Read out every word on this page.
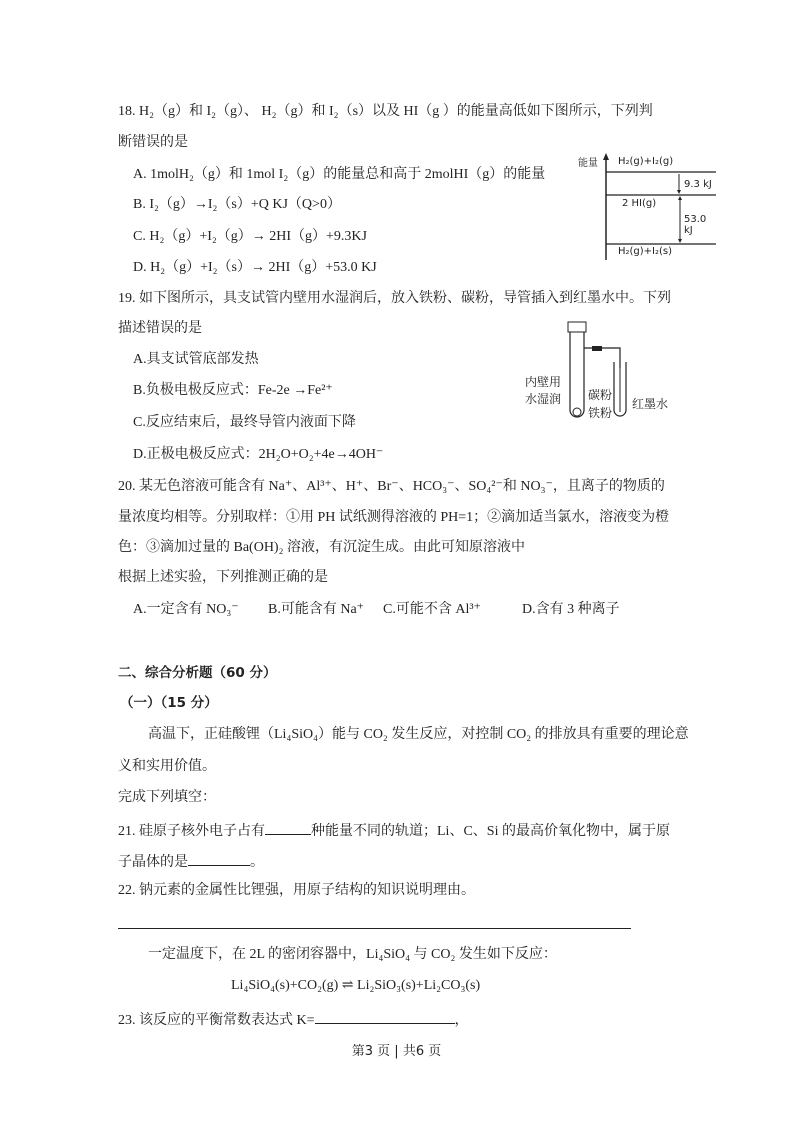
18. H₂（g）和 I₂（g）、 H₂（g）和 I₂（s）以及 HI（g ）的能量高低如下图所示，下列判
断错误的是
A. 1molH₂（g）和 1mol I₂（g）的能量总和高于 2molHI（g）的能量
B. I₂（g）→I₂（s）+Q KJ（Q>0）
C. H₂（g）+I₂（g）→ 2HI（g）+9.3KJ
D. H₂（g）+I₂（s）→ 2HI（g）+53.0 KJ
能量 H₂(g)+I₂(g)
2 HI(g)
H₂(g)+I₂(s)
9.3 kJ
53.0 kJ
19. 如下图所示，具支试管内壁用水湿润后，放入铁粉、碳粉，导管插入到红墨水中。下列
描述错误的是
A.具支试管底部发热
B.负极电极反应式：Fe-2e →Fe²⁺
C.反应结束后，最终导管内液面下降
D.正极电极反应式：2H₂O+O₂+4e→4OH⁻
内壁用
水湿润 碳粉
铁粉
红墨水
20. 某无色溶液可能含有 Na⁺、Al³⁺、H⁺、Br⁻、HCO₃⁻、SO₄²⁻和 NO₃⁻，且离子的物质的
量浓度均相等。分别取样：①用 PH 试纸测得溶液的 PH=1；②滴加适当氯水，溶液变为橙
色：③滴加过量的 Ba(OH)₂ 溶液，有沉淀生成。由此可知原溶液中
根据上述实验，下列推测正确的是
A.一定含有 NO₃⁻ B.可能含有 Na⁺ C.可能不含 Al³⁺	D.含有 3 种离子
二、综合分析题（60 分）
（一）（15 分）
高温下，正硅酸锂（Li₄SiO₄）能与 CO₂ 发生反应，对控制 CO₂ 的排放具有重要的理论意
义和实用价值。
完成下列填空：
21. 硅原子核外电子占有	种能量不同的轨道；Li、C、Si 的最高价氧化物中，属于原
子晶体的是	。
22. 钠元素的金属性比锂强，用原子结构的知识说明理由。
一定温度下，在 2L 的密闭容器中，Li₄SiO₄ 与 CO₂ 发生如下反应：
Li₄SiO₄(s)+CO₂(g) ⇌ Li₂SiO₃(s)+Li₂CO₃(s)
23. 该反应的平衡常数表达式 K=	，
第3 页 | 共6 页
